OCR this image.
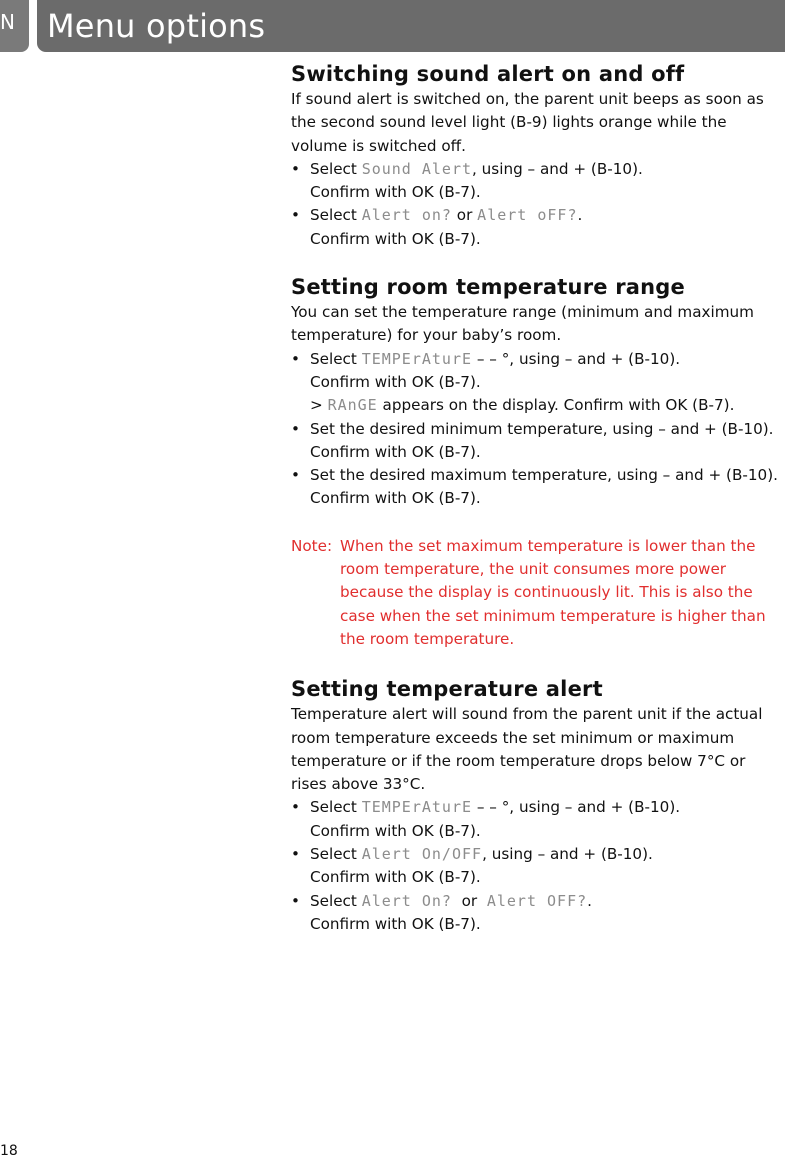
N Menu options
Switching sound alert on and off

If sound alert is switched on, the parent unit beeps as soon as the second sound level light (B-9) lights orange while the volume is switched off.

• Select Sound Alert, using – and + (B-10).
Confirm with OK (B-7).
• Select Alert on? or Alert oFF?.
Confirm with OK (B-7).
Setting room temperature range

You can set the temperature range (minimum and maximum temperature) for your baby’s room.

• Select TEMPErAturE – – °, using – and + (B-10).
Confirm with OK (B-7).
> RAnGE appears on the display. Confirm with OK (B-7).
• Set the desired minimum temperature, using – and + (B-10).
Confirm with OK (B-7).
• Set the desired maximum temperature, using – and + (B-10).
Confirm with OK (B-7).
Note: When the set maximum temperature is lower than the room temperature, the unit consumes more power because the display is continuously lit. This is also the case when the set minimum temperature is higher than the room temperature.
Setting temperature alert

Temperature alert will sound from the parent unit if the actual room temperature exceeds the set minimum or maximum temperature or if the room temperature drops below 7°C or rises above 33°C.

• Select TEMPErAturE – – °, using – and + (B-10).
Confirm with OK (B-7).
• Select Alert On/OFF, using – and + (B-10).
Confirm with OK (B-7).
• Select Alert On?  or  Alert OFF?.
Confirm with OK (B-7).
18
